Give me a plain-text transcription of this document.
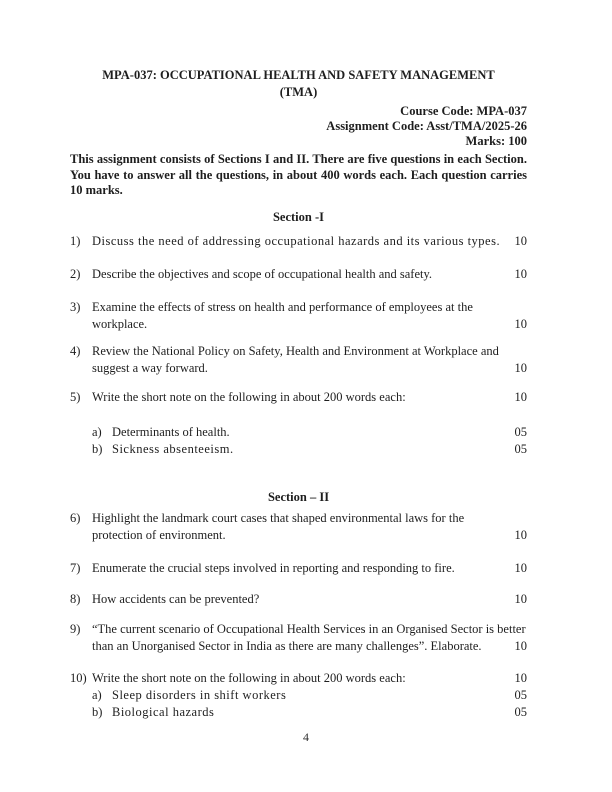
MPA-037: OCCUPATIONAL HEALTH AND SAFETY MANAGEMENT
(TMA)
Course Code: MPA-037
Assignment Code: Asst/TMA/2025-26
Marks: 100
This assignment consists of Sections I and II. There are five questions in each Section. You have to answer all the questions, in about 400 words each. Each question carries 10 marks.
Section -I
1) Discuss the need of addressing occupational hazards and its various types.	10
2) Describe the objectives and scope of occupational health and safety.	10
3) Examine the effects of stress on health and performance of employees at the workplace.	10
4) Review the National Policy on Safety, Health and Environment at Workplace and suggest a way forward.	10
5) Write the short note on the following in about 200 words each:	10
a) Determinants of health.	05
b) Sickness absenteeism.	05
Section – II
6) Highlight the landmark court cases that shaped environmental laws for the protection of environment.	10
7) Enumerate the crucial steps involved in reporting and responding to fire.	10
8) How accidents can be prevented?	10
9) “The current scenario of Occupational Health Services in an Organised Sector is better than an Unorganised Sector in India as there are many challenges”. Elaborate.	10
10) Write the short note on the following in about 200 words each:	10
a) Sleep disorders in shift workers	05
b) Biological hazards	05
4
